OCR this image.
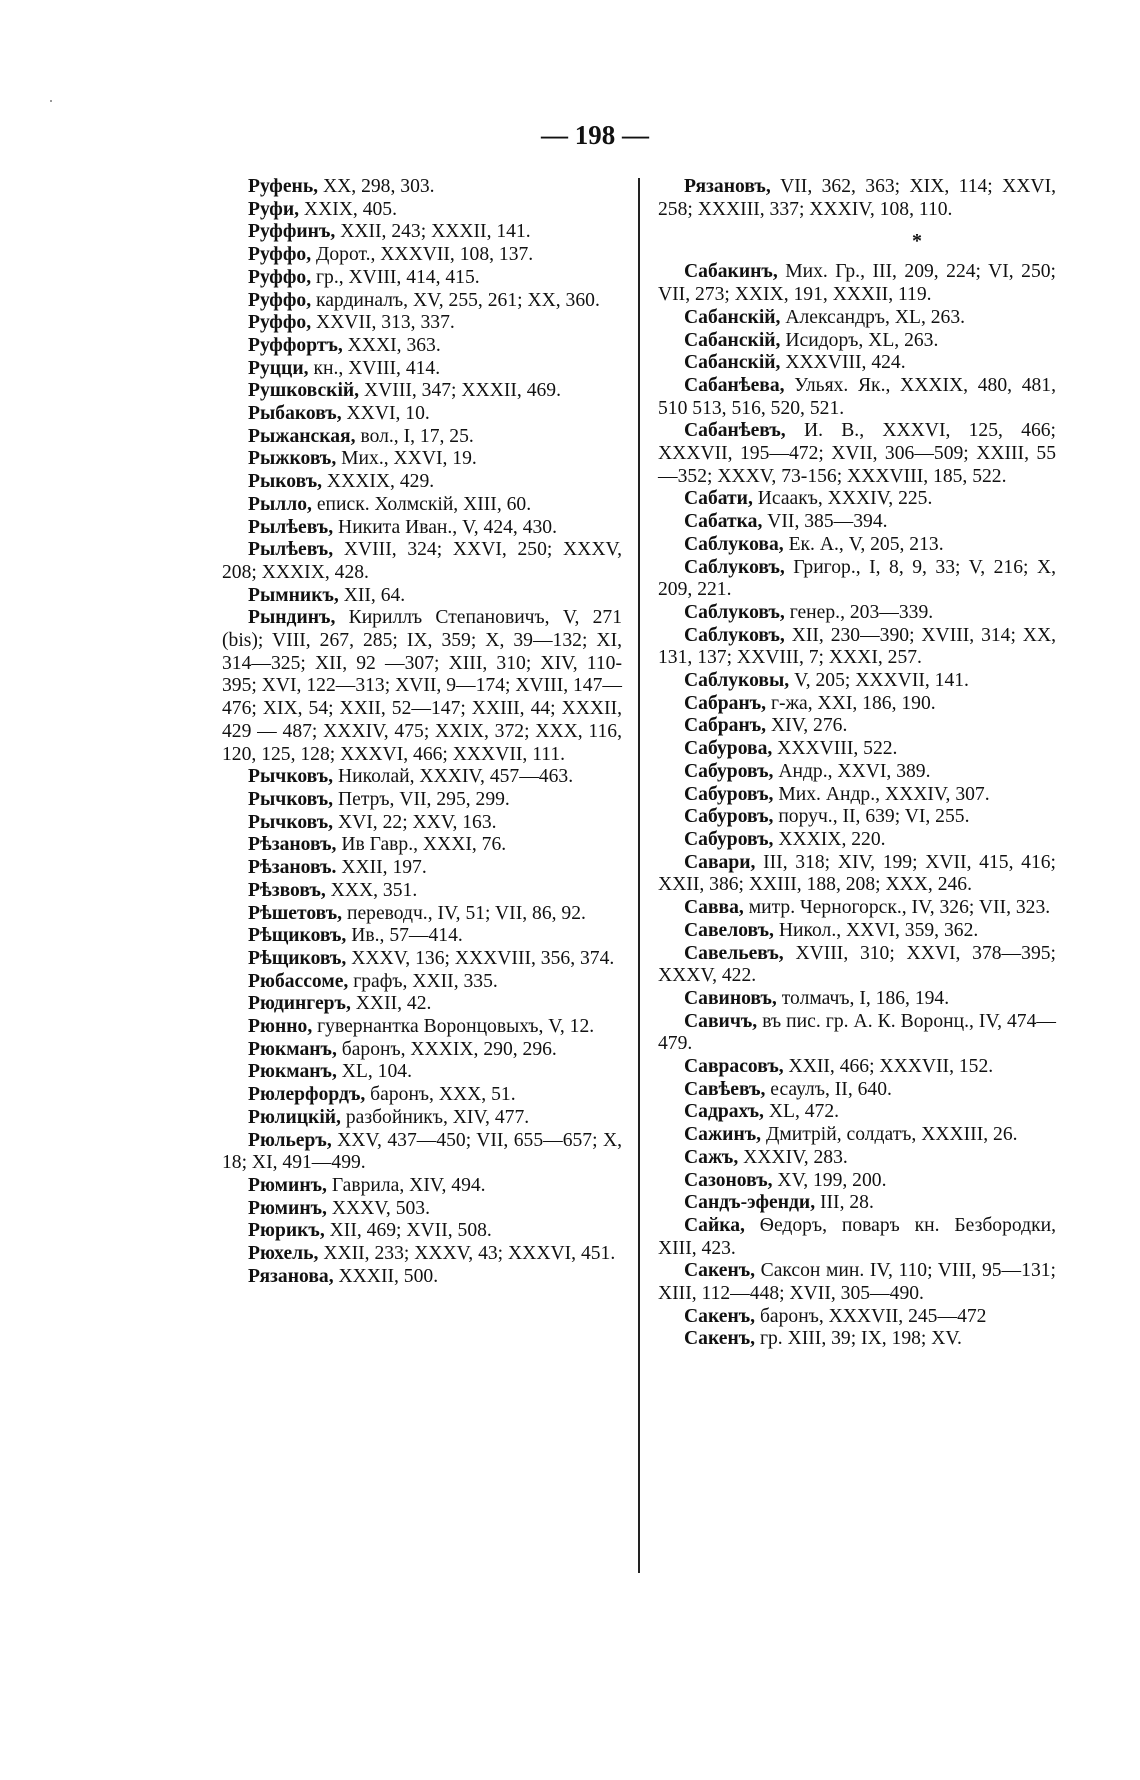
— 198 —
Руфень, XX, 298, 303.
Руфи, XXIX, 405.
Руффинъ, XXII, 243; XXXII, 141.
Руффо, Дорот., XXXVII, 108, 137.
Руффо, гр., XVIII, 414, 415.
Руффо, кардиналъ, XV, 255, 261; XX, 360.
Руффо, XXVII, 313, 337.
Руффортъ, XXXI, 363.
Руцци, кн., XVIII, 414.
Рушковскій, XVIII, 347; XXXII, 469.
Рыбаковъ, XXVI, 10.
Рыжанская, вол., I, 17, 25.
Рыжковъ, Мих., XXVI, 19.
Рыковъ, XXXIX, 429.
Рылло, еписк. Холмскій, XIII, 60.
Рылѣевъ, Никита Иван., V, 424, 430.
Рылѣевъ, XVIII, 324; XXVI, 250; XXXV, 208; XXXIX, 428.
Рымникъ, XII, 64.
Рындинъ, Кириллъ Степановичъ, V, 271 (bis); VIII, 267, 285; IX, 359; X, 39—132; XI, 314—325; XII, 92 —307; XIII, 310; XIV, 110-395; XVI, 122—313; XVII, 9—174; XVIII, 147—476; XIX, 54; XXII, 52—147; XXIII, 44; XXXII, 429 — 487; XXXIV, 475; XXIX, 372; XXX, 116, 120, 125, 128; XXXVI, 466; XXXVII, 111.
Рычковъ, Николай, XXXIV, 457—463.
Рычковъ, Петръ, VII, 295, 299.
Рычковъ, XVI, 22; XXV, 163.
Рѣзановъ, Ив Гавр., XXXI, 76.
Рѣзановъ. XXII, 197.
Рѣзвовъ, XXX, 351.
Рѣшетовъ, переводч., IV, 51; VII, 86, 92.
Рѣщиковъ, Ив., 57—414.
Рѣщиковъ, XXXV, 136; XXXVIII, 356, 374.
Рюбассоме, графъ, XXII, 335.
Рюдингеръ, XXII, 42.
Рюнно, гувернантка Воронцовыхъ, V, 12.
Рюкманъ, баронъ, XXXIX, 290, 296.
Рюкманъ, XL, 104.
Рюлерфордъ, баронъ, XXX, 51.
Рюлицкій, разбойникъ, XIV, 477.
Рюльеръ, XXV, 437—450; VII, 655—657; X, 18; XI, 491—499.
Рюминъ, Гаврила, XIV, 494.
Рюминъ, XXXV, 503.
Рюрикъ, XII, 469; XVII, 508.
Рюхель, XXII, 233; XXXV, 43; XXXVI, 451.
Рязанова, XXXII, 500.
Рязановъ, VII, 362, 363; XIX, 114; XXVI, 258; XXXIII, 337; XXXIV, 108, 110.
*
Сабакинъ, Мих. Гр., III, 209, 224; VI, 250; VII, 273; XXIX, 191, XXXII, 119.
Сабанскій, Александръ, XL, 263.
Сабанскій, Исидоръ, XL, 263.
Сабанскій, XXXVIII, 424.
Сабанѣева, Ульях. Як., XXXIX, 480, 481, 510 513, 516, 520, 521.
Сабанѣевъ, И. В., XXXVI, 125, 466; XXXVII, 195—472; XVII, 306—509; XXIII, 55—352; XXXV, 73-156; XXXVIII, 185, 522.
Сабати, Исаакъ, XXXIV, 225.
Сабатка, VII, 385—394.
Саблукова, Ек. А., V, 205, 213.
Саблуковъ, Григор., I, 8, 9, 33; V, 216; X, 209, 221.
Саблуковъ, генер., 203—339.
Саблуковъ, XII, 230—390; XVIII, 314; XX, 131, 137; XXVIII, 7; XXXI, 257.
Саблуковы, V, 205; XXXVII, 141.
Сабранъ, г-жа, XXI, 186, 190.
Сабранъ, XIV, 276.
Сабурова, XXXVIII, 522.
Сабуровъ, Андр., XXVI, 389.
Сабуровъ, Мих. Андр., XXXIV, 307.
Сабуровъ, поруч., II, 639; VI, 255.
Сабуровъ, XXXIX, 220.
Савари, III, 318; XIV, 199; XVII, 415, 416; XXII, 386; XXIII, 188, 208; XXX, 246.
Савва, митр. Черногорск., IV, 326; VII, 323.
Савеловъ, Никол., XXVI, 359, 362.
Савельевъ, XVIII, 310; XXVI, 378—395; XXXV, 422.
Савиновъ, толмачъ, I, 186, 194.
Савичъ, въ пис. гр. А. К. Воронц., IV, 474—479.
Саврасовъ, XXII, 466; XXXVII, 152.
Савѣевъ, есаулъ, II, 640.
Садрахъ, XL, 472.
Сажинъ, Дмитрій, солдатъ, XXXIII, 26.
Сажъ, XXXIV, 283.
Сазоновъ, XV, 199, 200.
Сандъ-эфенди, III, 28.
Сайка, Ѳедоръ, поваръ кн. Безбородки, XIII, 423.
Сакенъ, Саксон мин. IV, 110; VIII, 95—131; XIII, 112—448; XVII, 305—490.
Сакенъ, баронъ, XXXVII, 245—472
Сакенъ, гр. XIII, 39; IX, 198; XV.
